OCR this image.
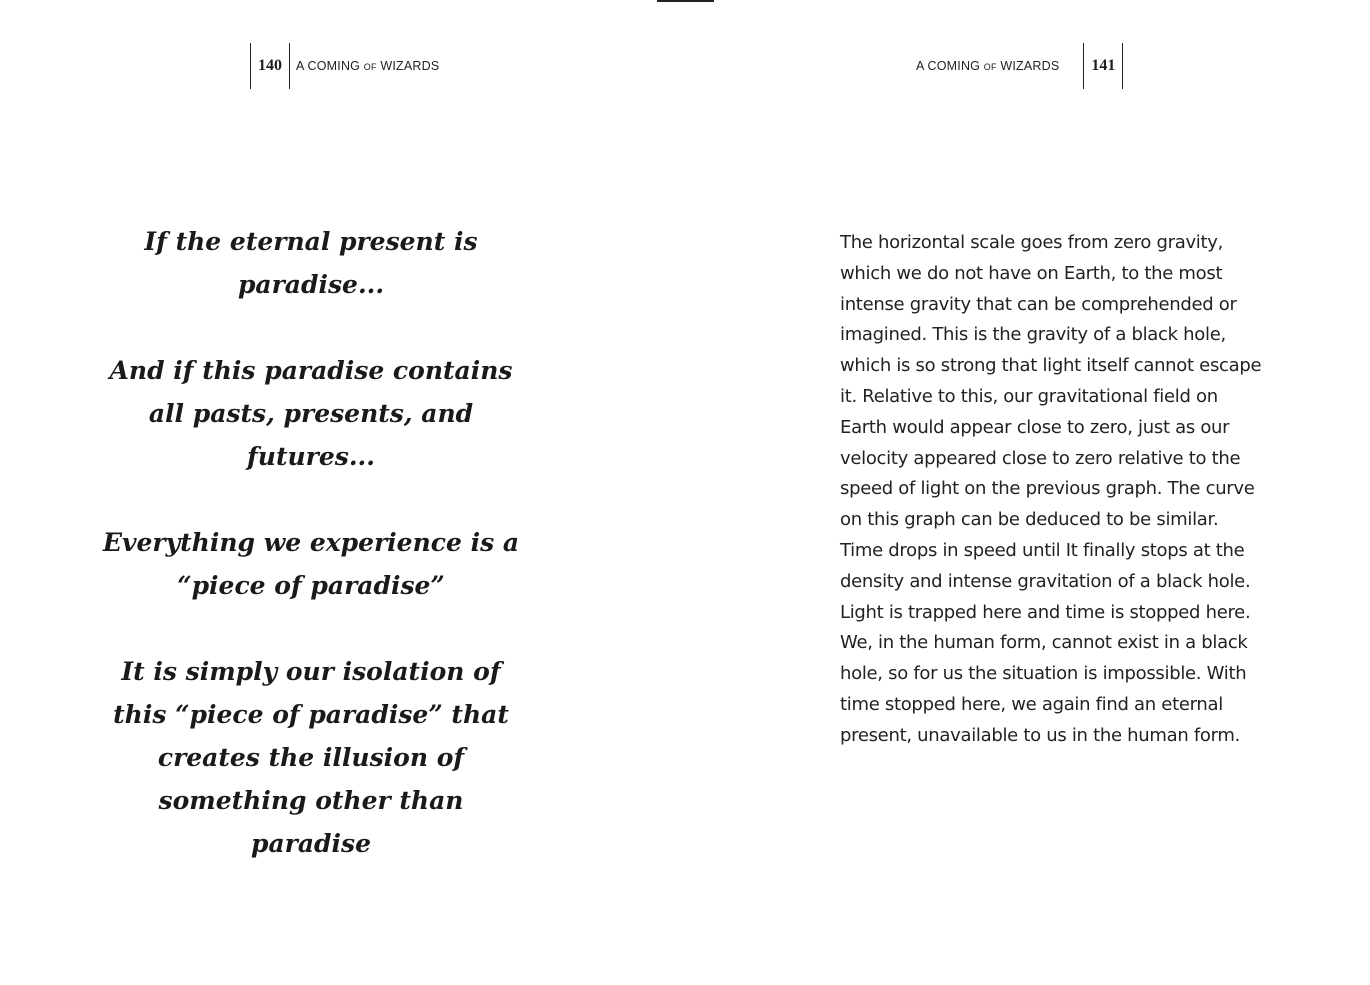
140	A COMING OF WIZARDS

If the eternal present is paradise...

And if this paradise contains all pasts, presents, and futures...

Everything we experience is a “piece of paradise”

It is simply our isolation of this “piece of paradise” that creates the illusion of something other than paradise

A COMING OF WIZARDS	141

The horizontal scale goes from zero gravity, which we do not have on Earth, to the most intense gravity that can be comprehended or imagined. This is the gravity of a black hole, which is so strong that light itself cannot escape it. Relative to this, our gravitational field on Earth would appear close to zero, just as our velocity appeared close to zero relative to the speed of light on the previous graph. The curve on this graph can be deduced to be similar. Time drops in speed until It finally stops at the density and intense gravitation of a black hole. Light is trapped here and time is stopped here. We, in the human form, cannot exist in a black hole, so for us the situation is impossible. With time stopped here, we again find an eternal present, unavailable to us in the human form.
